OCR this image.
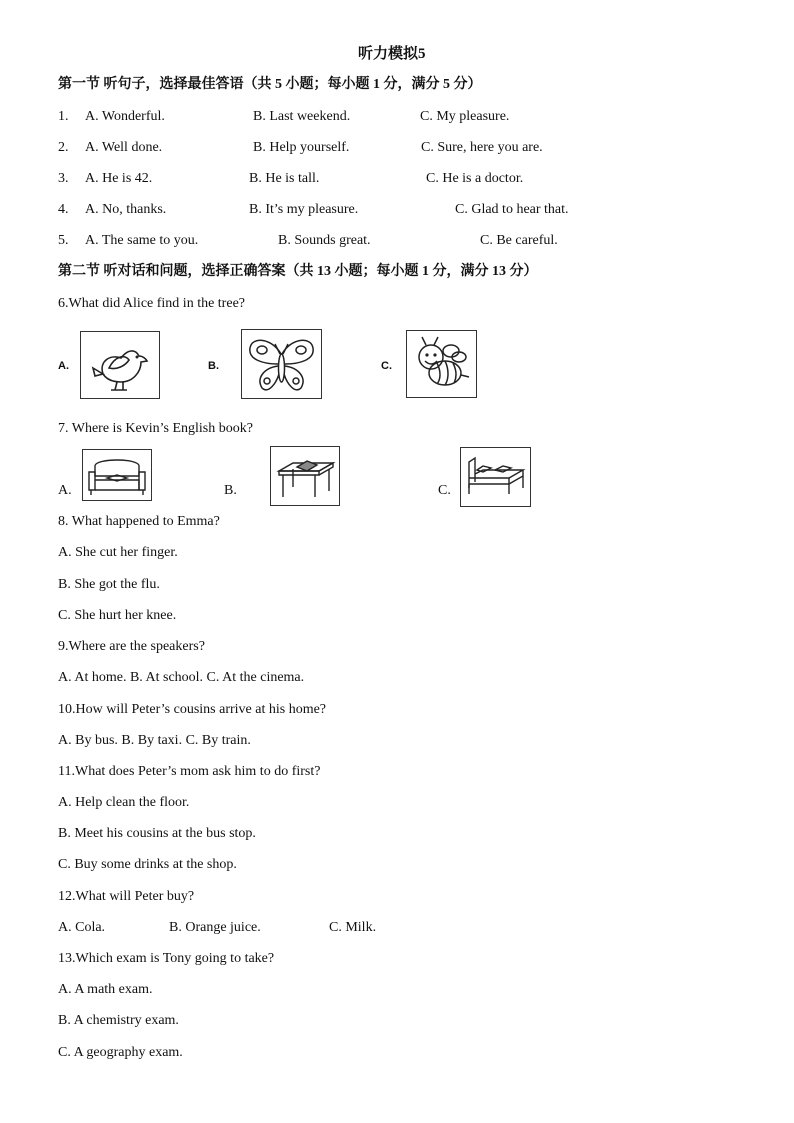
听力模拟5
第一节 听句子，选择最佳答语（共 5 小题；每小题 1 分，满分 5 分）
1. A. Wonderful.	B. Last weekend.	C. My pleasure.
2. A. Well done.	B. Help yourself.	C. Sure, here you are.
3. A. He is 42.	B. He is tall.	C. He is a doctor.
4. A. No, thanks.	B. It’s my pleasure.	C. Glad to hear that.
5. A. The same to you.	B. Sounds great.	C. Be careful.
第二节 听对话和问题，选择正确答案（共 13 小题；每小题 1 分，满分 13 分）
6.What did Alice find in the tree?
A.	B.	C.
7. Where is Kevin’s English book?
A.	B.	C.
8. What happened to Emma?
A. She cut her finger.
B. She got the flu.
C. She hurt her knee.
9.Where are the speakers?
A. At home. B. At school. C. At the cinema.
10.How will Peter’s cousins arrive at his home?
A. By bus. B. By taxi. C. By train.
11.What does Peter’s mom ask him to do first?
A. Help clean the floor.
B. Meet his cousins at the bus stop.
C. Buy some drinks at the shop.
12.What will Peter buy?
A. Cola.	B. Orange juice.	C. Milk.
13.Which exam is Tony going to take?
A. A math exam.
B. A chemistry exam.
C. A geography exam.
